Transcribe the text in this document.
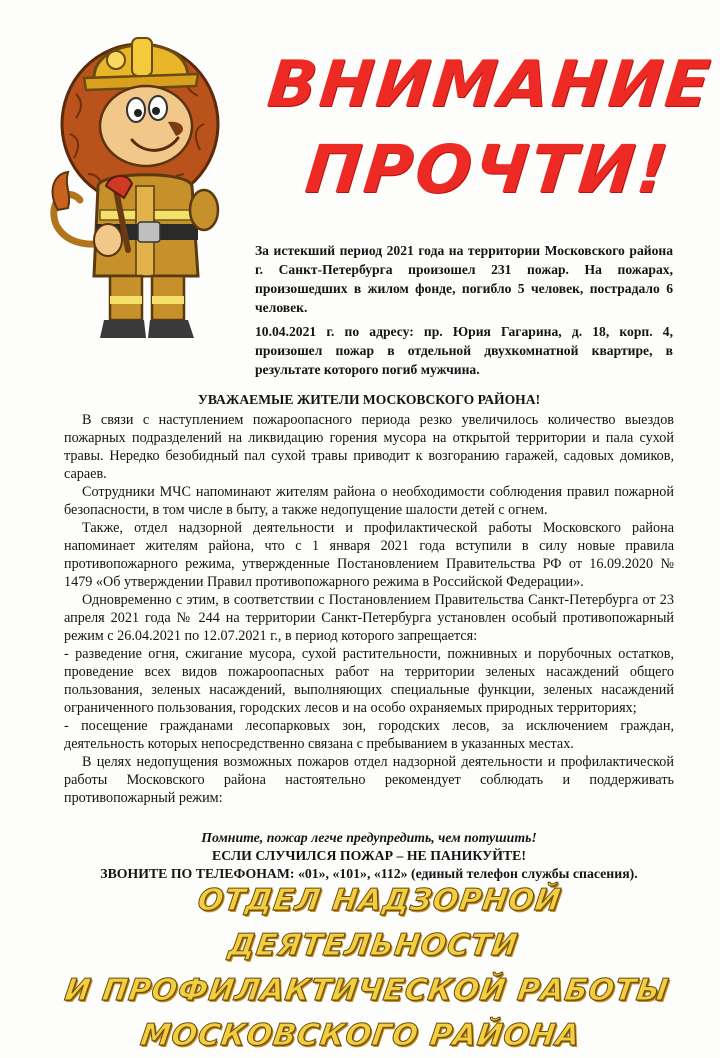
ВНИМАНИЕ
ПРОЧТИ!

За истекший период 2021 года на территории Московского района г. Санкт-Петербурга произошел 231 пожар. На пожарах, произошедших в жилом фонде, погибло 5 человек, пострадало 6 человек.

10.04.2021 г. по адресу: пр. Юрия Гагарина, д. 18, корп. 4, произошел пожар в отдельной двухкомнатной квартире, в результате которого погиб мужчина.

УВАЖАЕМЫЕ ЖИТЕЛИ МОСКОВСКОГО РАЙОНА!

В связи с наступлением пожароопасного периода резко увеличилось количество выездов пожарных подразделений на ликвидацию горения мусора на открытой территории и пала сухой травы. Нередко безобидный пал сухой травы приводит к возгоранию гаражей, садовых домиков, сараев.

Сотрудники МЧС напоминают жителям района о необходимости соблюдения правил пожарной безопасности, в том числе в быту, а также недопущение шалости детей с огнем.

Также, отдел надзорной деятельности и профилактической работы Московского района напоминает жителям района, что с 1 января 2021 года вступили в силу новые правила противопожарного режима, утвержденные Постановлением Правительства РФ от 16.09.2020 № 1479 «Об утверждении Правил противопожарного режима в Российской Федерации».

Одновременно с этим, в соответствии с Постановлением Правительства Санкт-Петербурга от 23 апреля 2021 года № 244 на территории Санкт-Петербурга установлен особый противопожарный режим с 26.04.2021 по 12.07.2021 г., в период которого запрещается:

- разведение огня, сжигание мусора, сухой растительности, пожнивных и порубочных остатков, проведение всех видов пожароопасных работ на территории зеленых насаждений общего пользования, зеленых насаждений, выполняющих специальные функции, зеленых насаждений ограниченного пользования, городских лесов и на особо охраняемых природных территориях;

- посещение гражданами лесопарковых зон, городских лесов, за исключением граждан, деятельность которых непосредственно связана с пребыванием в указанных местах.

В целях недопущения возможных пожаров отдел надзорной деятельности и профилактической работы Московского района настоятельно рекомендует соблюдать и поддерживать противопожарный режим:

Помните, пожар легче предупредить, чем потушить!
ЕСЛИ СЛУЧИЛСЯ ПОЖАР – НЕ ПАНИКУЙТЕ!
ЗВОНИТЕ ПО ТЕЛЕФОНАМ: «01», «101», «112» (единый телефон службы спасения).
ОТДЕЛ НАДЗОРНОЙ ДЕЯТЕЛЬНОСТИ
И ПРОФИЛАКТИЧЕСКОЙ РАБОТЫ
МОСКОВСКОГО РАЙОНА
